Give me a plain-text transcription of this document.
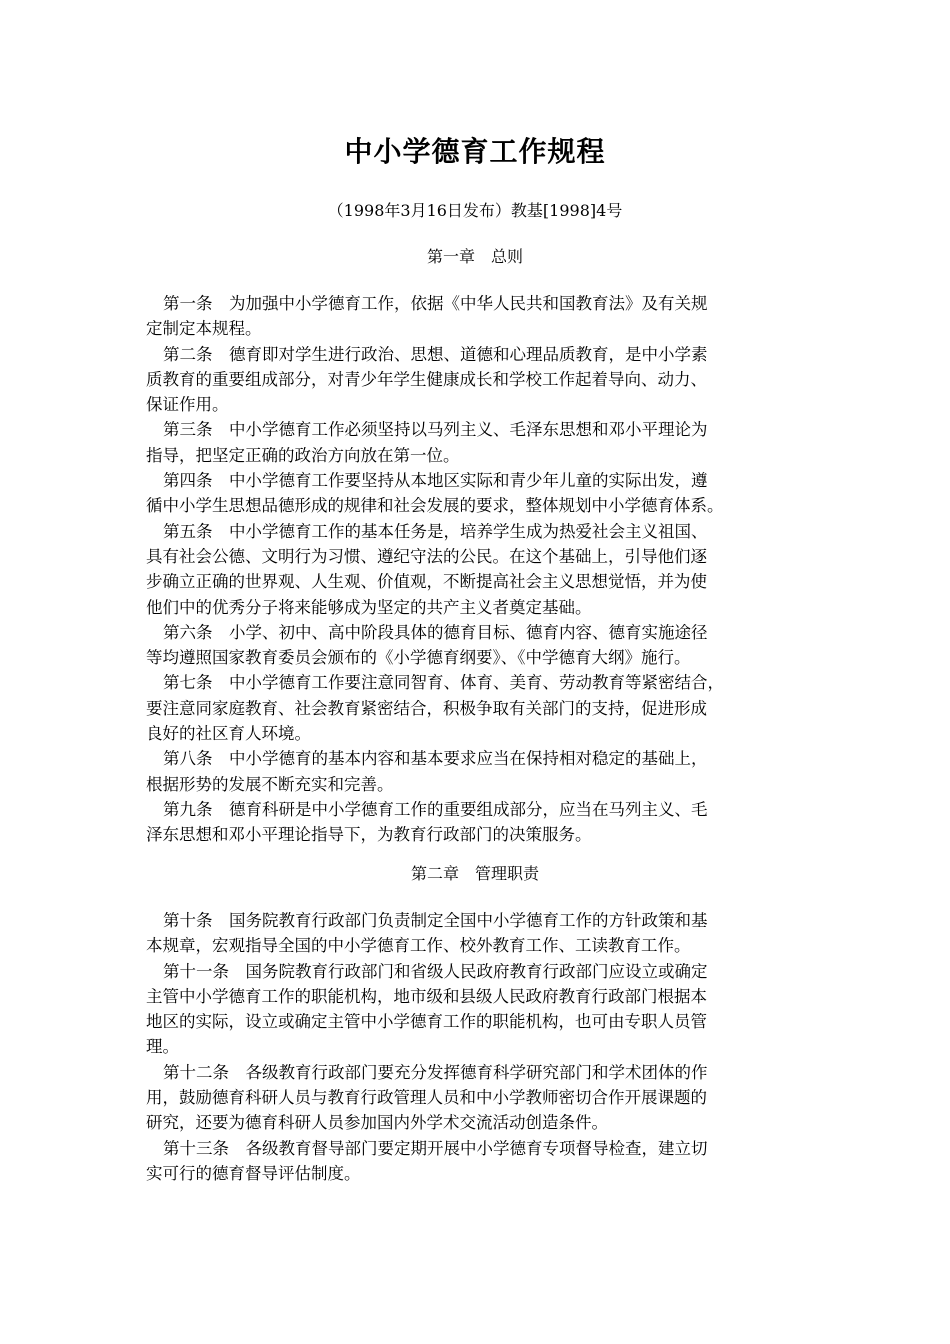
中小学德育工作规程
（1998年3月16日发布）教基[1998]4号
第一章　总则

第一条　为加强中小学德育工作，依据《中华人民共和国教育法》及有关规
定制定本规程。

第二条　德育即对学生进行政治、思想、道德和心理品质教育，是中小学素
质教育的重要组成部分，对青少年学生健康成长和学校工作起着导向、动力、
保证作用。

第三条　中小学德育工作必须坚持以马列主义、毛泽东思想和邓小平理论为
指导，把坚定正确的政治方向放在第一位。

第四条　中小学德育工作要坚持从本地区实际和青少年儿童的实际出发，遵
循中小学生思想品德形成的规律和社会发展的要求，整体规划中小学德育体系。

第五条　中小学德育工作的基本任务是，培养学生成为热爱社会主义祖国、
具有社会公德、文明行为习惯、遵纪守法的公民。在这个基础上，引导他们逐
步确立正确的世界观、人生观、价值观，不断提高社会主义思想觉悟，并为使
他们中的优秀分子将来能够成为坚定的共产主义者奠定基础。

第六条　小学、初中、高中阶段具体的德育目标、德育内容、德育实施途径
等均遵照国家教育委员会颁布的《小学德育纲要》、《中学德育大纲》施行。

第七条　中小学德育工作要注意同智育、体育、美育、劳动教育等紧密结合，
要注意同家庭教育、社会教育紧密结合，积极争取有关部门的支持，促进形成
良好的社区育人环境。

第八条　中小学德育的基本内容和基本要求应当在保持相对稳定的基础上，
根据形势的发展不断充实和完善。

第九条　德育科研是中小学德育工作的重要组成部分，应当在马列主义、毛
泽东思想和邓小平理论指导下，为教育行政部门的决策服务。

第二章　管理职责

第十条　国务院教育行政部门负责制定全国中小学德育工作的方针政策和基
本规章，宏观指导全国的中小学德育工作、校外教育工作、工读教育工作。

第十一条　国务院教育行政部门和省级人民政府教育行政部门应设立或确定
主管中小学德育工作的职能机构，地市级和县级人民政府教育行政部门根据本
地区的实际，设立或确定主管中小学德育工作的职能机构，也可由专职人员管
理。

第十二条　各级教育行政部门要充分发挥德育科学研究部门和学术团体的作
用，鼓励德育科研人员与教育行政管理人员和中小学教师密切合作开展课题的
研究，还要为德育科研人员参加国内外学术交流活动创造条件。

第十三条　各级教育督导部门要定期开展中小学德育专项督导检查，建立切
实可行的德育督导评估制度。
